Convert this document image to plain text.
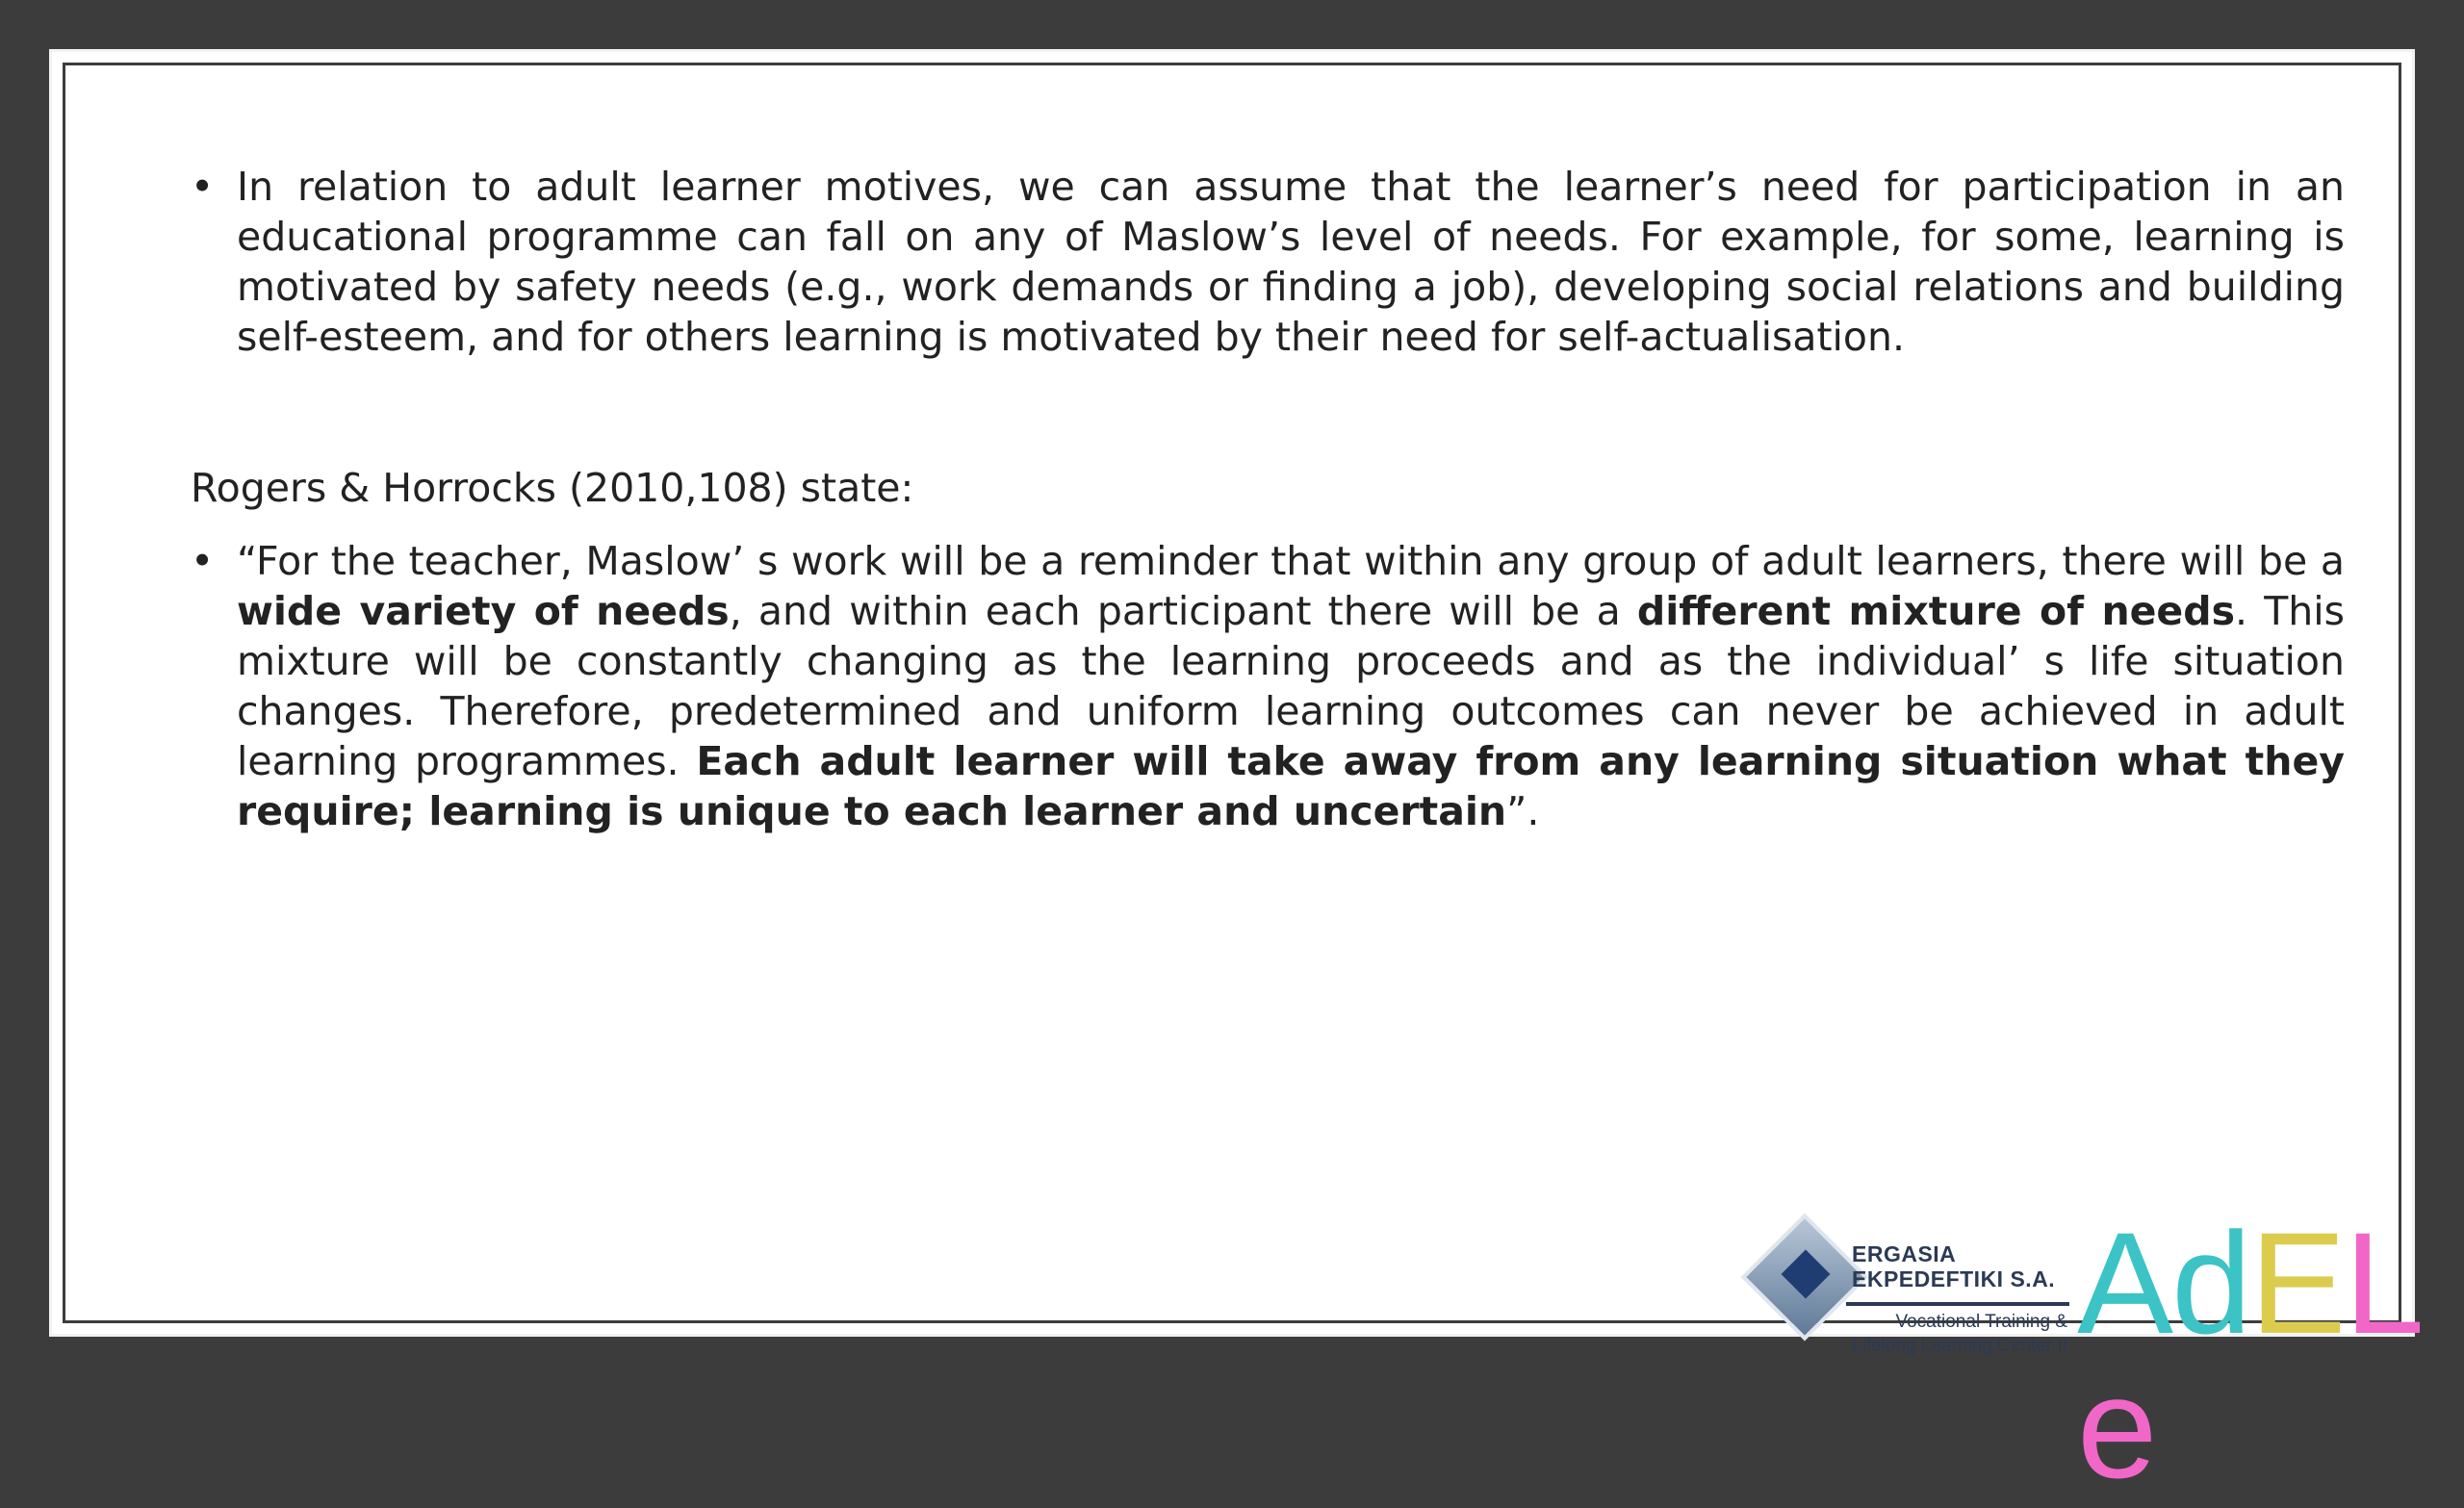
• In relation to adult learner motives, we can assume that the learner’s need for participation in an educational programme can fall on any of Maslow’s level of needs. For example, for some, learning is motivated by safety needs (e.g., work demands or finding a job), developing social relations and building self-esteem, and for others learning is motivated by their need for self-actualisation.

Rogers & Horrocks (2010,108) state:

• “For the teacher, Maslow’ s work will be a reminder that within any group of adult learners, there will be a wide variety of needs, and within each participant there will be a different mixture of needs. This mixture will be constantly changing as the learning proceeds and as the individual’ s life situation changes. Therefore, predetermined and uniform learning outcomes can never be achieved in adult learning programmes. Each adult learner will take away from any learning situation what they require; learning is unique to each learner and uncertain”.
ERGASIA
EKPEDEFTIKI S.A.
Vocational Training &
Lifelong Learning Center II AdELe
